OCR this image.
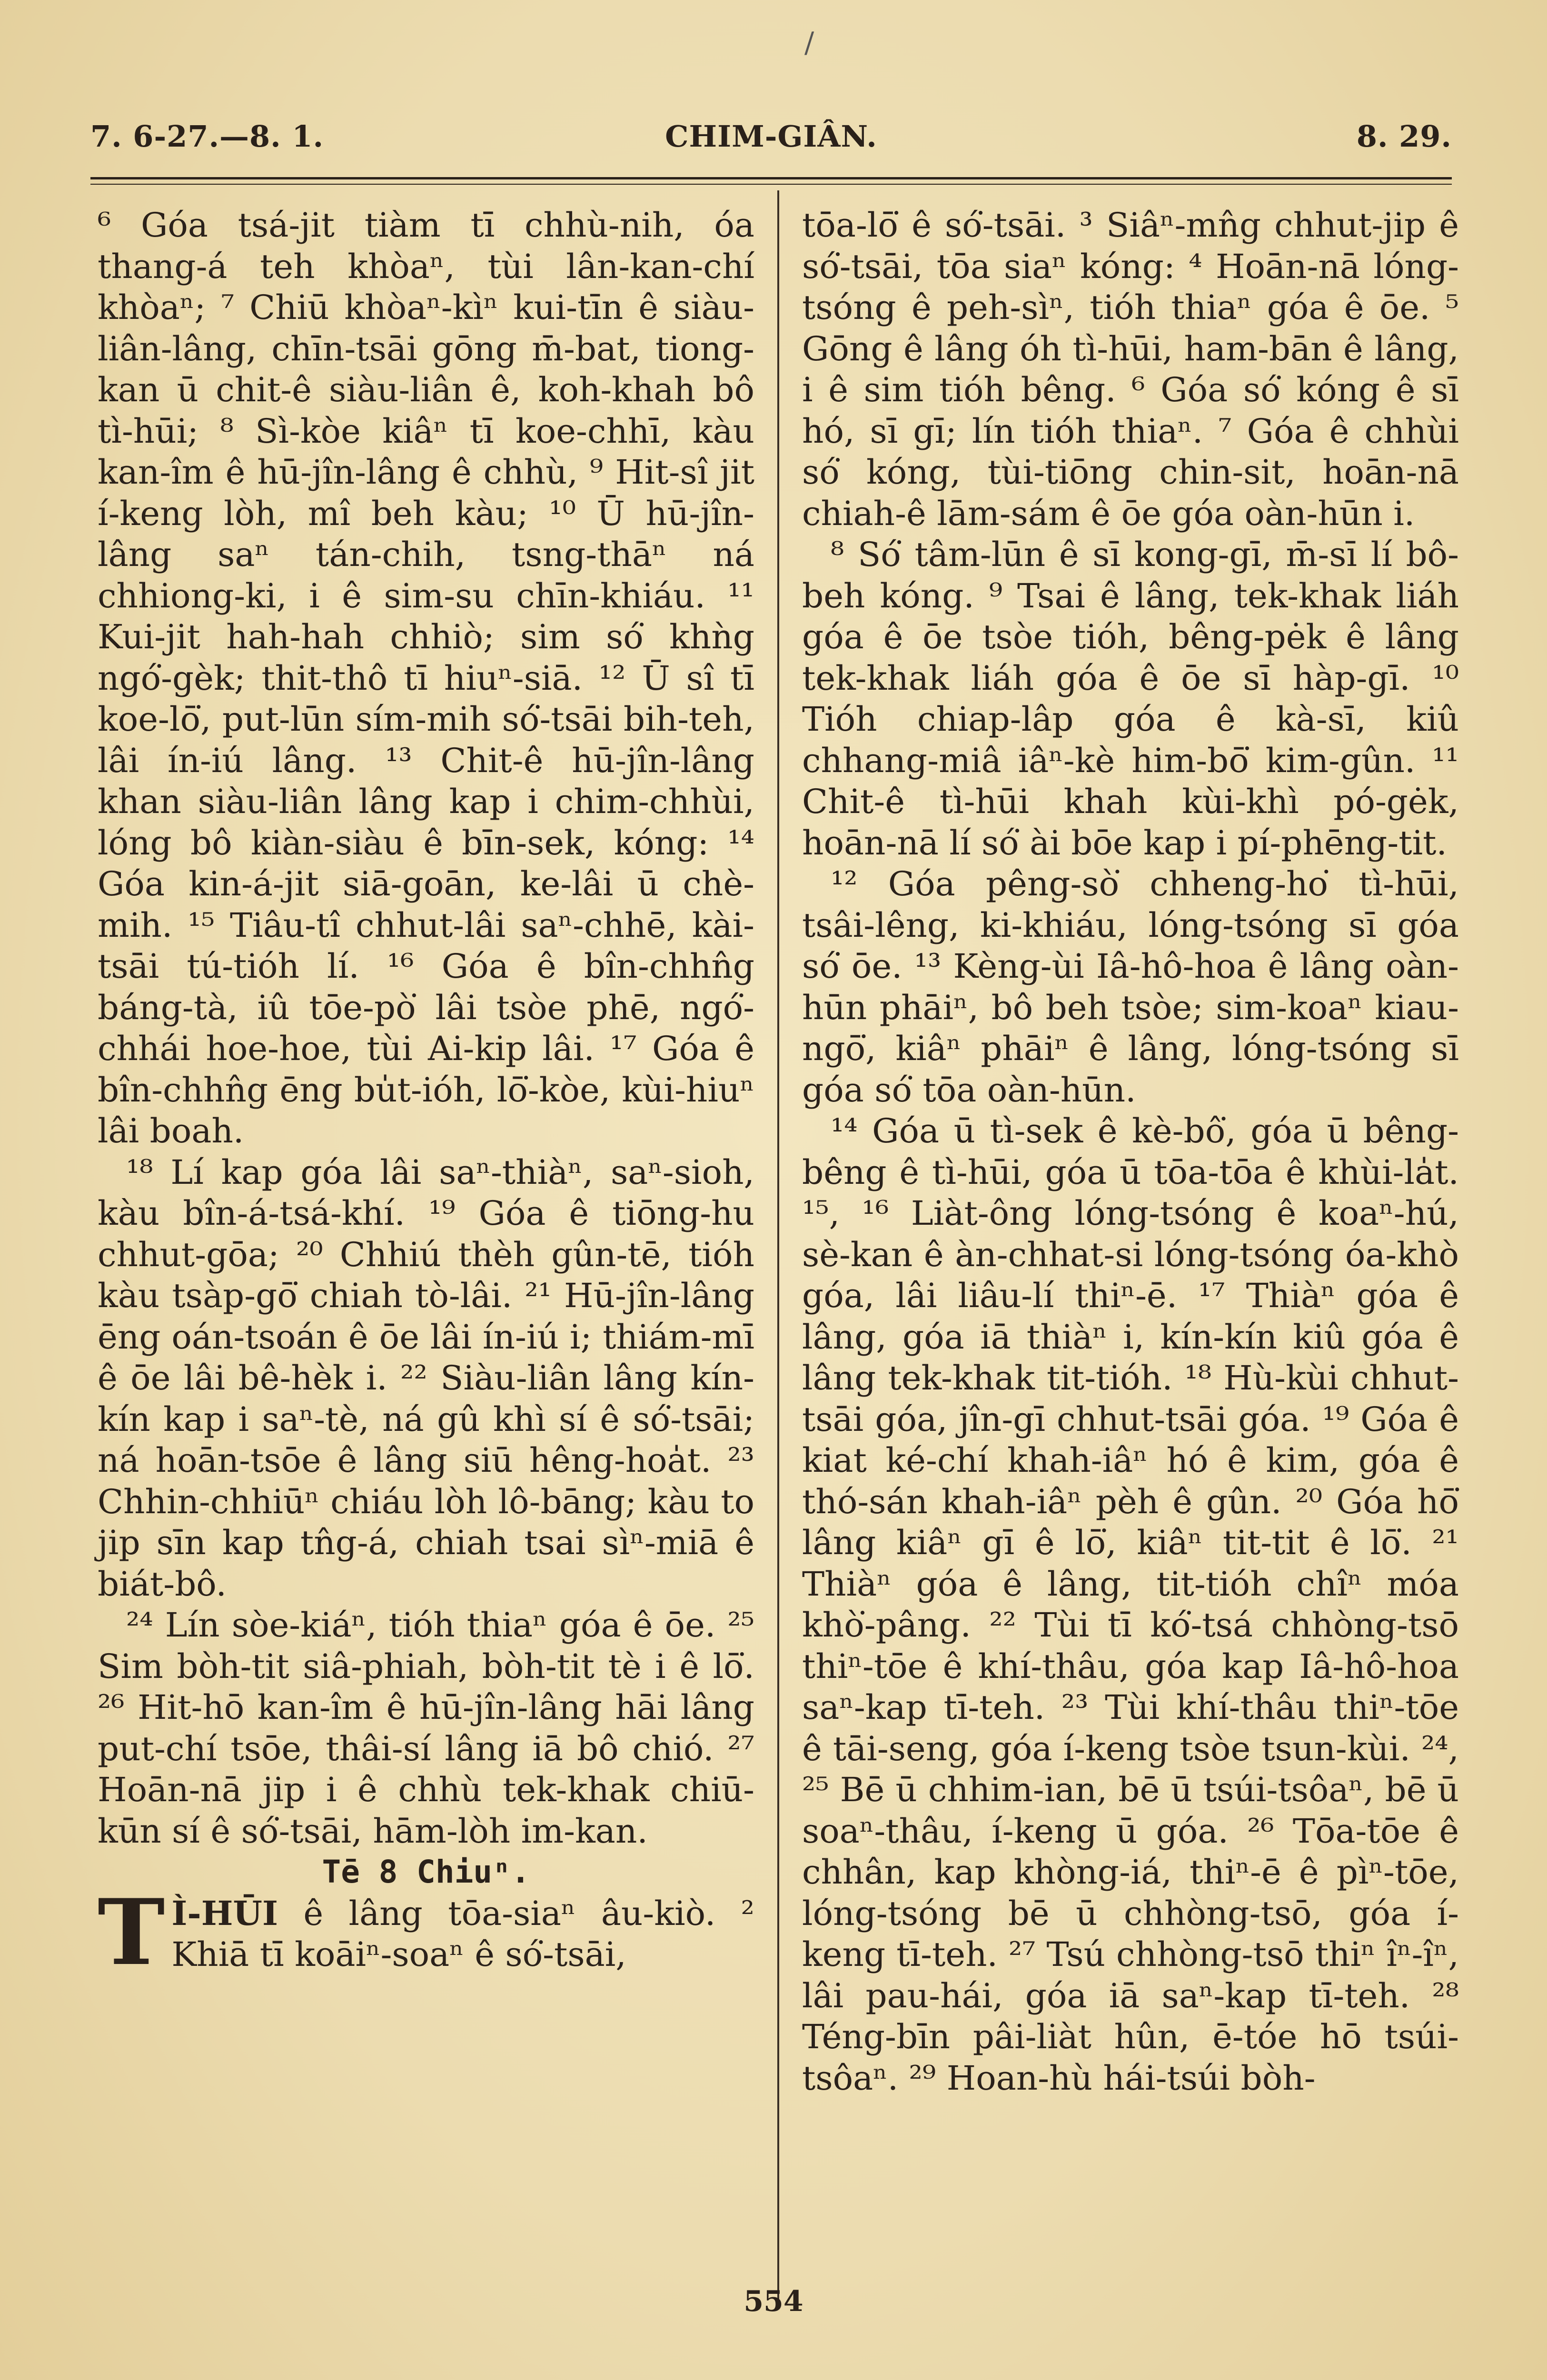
/
7. 6-27.—8. 1.	CHIM-GIÂN.	8. 29.

⁶ Góa tsá-jit tiàm tī chhù-nih, óa thang-á teh khòaⁿ, tùi lân-kan-chí khòaⁿ; ⁷ Chiū khòaⁿ-kìⁿ kui-tīn ê siàu-liân-lâng, chīn-tsāi gōng m̄-bat, tiong-kan ū chit-ê siàu-liân ê, koh-khah bô tì-hūi; ⁸ Sì-kòe kiâⁿ tī koe-chhī, kàu kan-îm ê hū-jîn-lâng ê chhù, ⁹ Hit-sî jit í-keng lòh, mî beh kàu; ¹⁰ Ū hū-jîn-lâng saⁿ tán-chih, tsng-thāⁿ ná chhiong-ki, i ê sim-su chīn-khiáu. ¹¹ Kui-jit hah-hah chhiò; sim só͘ khǹg ngó͘-gèk; thit-thô tī hiuⁿ-siā. ¹² Ū sî tī koe-lō͘, put-lūn sím-mih só͘-tsāi bih-teh, lâi ín-iú lâng. ¹³ Chit-ê hū-jîn-lâng khan siàu-liân lâng kap i chim-chhùi, lóng bô kiàn-siàu ê bīn-sek, kóng: ¹⁴ Góa kin-á-jit siā-goān, ke-lâi ū chè-mih. ¹⁵ Tiâu-tî chhut-lâi saⁿ-chhē, kài-tsāi tú-tióh lí. ¹⁶ Góa ê bîn-chhn̂g báng-tà, iû tōe-pò͘ lâi tsòe phē, ngó͘-chhái hoe-hoe, tùi Ai-kip lâi. ¹⁷ Góa ê bîn-chhn̂g ēng bu̍t-ióh, lō͘-kòe, kùi-hiuⁿ lâi boah.

¹⁸ Lí kap góa lâi saⁿ-thiàⁿ, saⁿ-sioh, kàu bîn-á-tsá-khí. ¹⁹ Góa ê tiōng-hu chhut-gōa; ²⁰ Chhiú thèh gûn-tē, tióh kàu tsàp-gō͘ chiah tò-lâi. ²¹ Hū-jîn-lâng ēng oán-tsoán ê ōe lâi ín-iú i; thiám-mī ê ōe lâi bê-hèk i. ²² Siàu-liân lâng kín-kín kap i saⁿ-tè, ná gû khì sí ê só͘-tsāi; ná hoān-tsōe ê lâng siū hêng-hoa̍t. ²³ Chhin-chhiūⁿ chiáu lòh lô-bāng; kàu to jip sīn kap tn̂g-á, chiah tsai sìⁿ-miā ê biát-bô.

²⁴ Lín sòe-kiáⁿ, tióh thiaⁿ góa ê ōe. ²⁵ Sim bòh-tit siâ-phiah, bòh-tit tè i ê lō͘. ²⁶ Hit-hō kan-îm ê hū-jîn-lâng hāi lâng put-chí tsōe, thâi-sí lâng iā bô chió. ²⁷ Hoān-nā jip i ê chhù tek-khak chiū-kūn sí ê só͘-tsāi, hām-lòh im-kan.

Tē 8 Chiuⁿ.

T Ì-HŪI ê lâng tōa-siaⁿ âu-kiò. ² Khiā tī koāiⁿ-soaⁿ ê só͘-tsāi,

tōa-lō͘ ê só͘-tsāi. ³ Siâⁿ-mn̂g chhut-jip ê só͘-tsāi, tōa siaⁿ kóng: ⁴ Hoān-nā lóng-tsóng ê peh-sìⁿ, tióh thiaⁿ góa ê ōe. ⁵ Gōng ê lâng óh tì-hūi, ham-bān ê lâng, i ê sim tióh bêng. ⁶ Góa só͘ kóng ê sī hó, sī gī; lín tióh thiaⁿ. ⁷ Góa ê chhùi só͘ kóng, tùi-tiōng chin-sit, hoān-nā chiah-ê lām-sám ê ōe góa oàn-hūn i.

⁸ Só͘ tâm-lūn ê sī kong-gī, m̄-sī lí bô-beh kóng. ⁹ Tsai ê lâng, tek-khak liáh góa ê ōe tsòe tióh, bêng-pėk ê lâng tek-khak liáh góa ê ōe sī hàp-gī. ¹⁰ Tióh chiap-lâp góa ê kà-sī, kiû chhang-miâ iâⁿ-kè him-bō͘ kim-gûn. ¹¹ Chit-ê tì-hūi khah kùi-khì pó-gėk, hoān-nā lí só͘ ài bōe kap i pí-phēng-tit.

¹² Góa pêng-sò͘ chheng-ho͘ tì-hūi, tsâi-lêng, ki-khiáu, lóng-tsóng sī góa só͘ ōe. ¹³ Kèng-ùi Iâ-hô-hoa ê lâng oàn-hūn phāiⁿ, bô beh tsòe; sim-koaⁿ kiau-ngō͘, kiâⁿ phāiⁿ ê lâng, lóng-tsóng sī góa só͘ tōa oàn-hūn.

¹⁴ Góa ū tì-sek ê kè-bô͘, góa ū bêng-bêng ê tì-hūi, góa ū tōa-tōa ê khùi-la̍t. ¹⁵, ¹⁶ Liàt-ông lóng-tsóng ê koaⁿ-hú, sè-kan ê àn-chhat-si lóng-tsóng óa-khò góa, lâi liâu-lí thiⁿ-ē. ¹⁷ Thiàⁿ góa ê lâng, góa iā thiàⁿ i, kín-kín kiû góa ê lâng tek-khak tit-tióh. ¹⁸ Hù-kùi chhut-tsāi góa, jîn-gī chhut-tsāi góa. ¹⁹ Góa ê kiat ké-chí khah-iâⁿ hó ê kim, góa ê thó-sán khah-iâⁿ pèh ê gûn. ²⁰ Góa hō͘ lâng kiâⁿ gī ê lō͘, kiâⁿ tit-tit ê lō͘. ²¹ Thiàⁿ góa ê lâng, tit-tióh chîⁿ móa khò͘-pâng. ²² Tùi tī kó͘-tsá chhòng-tsō thiⁿ-tōe ê khí-thâu, góa kap Iâ-hô-hoa saⁿ-kap tī-teh. ²³ Tùi khí-thâu thiⁿ-tōe ê tāi-seng, góa í-keng tsòe tsun-kùi. ²⁴, ²⁵ Bē ū chhim-ian, bē ū tsúi-tsôaⁿ, bē ū soaⁿ-thâu, í-keng ū góa. ²⁶ Tōa-tōe ê chhân, kap khòng-iá, thiⁿ-ē ê pìⁿ-tōe, lóng-tsóng bē ū chhòng-tsō, góa í-keng tī-teh. ²⁷ Tsú chhòng-tsō thiⁿ îⁿ-îⁿ, lâi pau-hái, góa iā saⁿ-kap tī-teh. ²⁸ Téng-bīn pâi-liàt hûn, ē-tóe hō tsúi-tsôaⁿ. ²⁹ Hoan-hù hái-tsúi bòh-

554
